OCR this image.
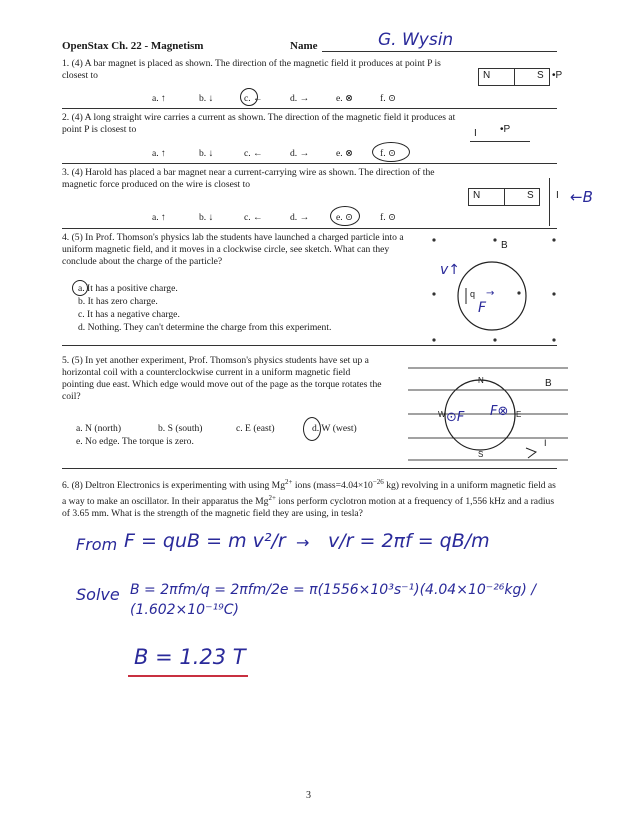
OpenStax Ch. 22 - Magnetism	Name	G. Wysin
1. (4) A bar magnet is placed as shown. The direction of the magnetic field it produces at point P is closest to
a. ↑	b. ↓	c. ←	d. →	e. ⊗	f. ⊙
N	S •P
2. (4) A long straight wire carries a current as shown. The direction of the magnetic field it produces at point P is closest to
a. ↑	b. ↓	c. ←	d. →	e. ⊗	f. ⊙
I •P
3. (4) Harold has placed a bar magnet near a current-carrying wire as shown. The direction of the magnetic force produced on the wire is closest to
a. ↑	b. ↓	c. ←	d. →	e. ⊙	f. ⊙
N	S I ←B
4. (5) In Prof. Thomson's physics lab the students have launched a charged particle into a uniform magnetic field, and it moves in a clockwise circle, see sketch. What can they conclude about the charge of the particle?
a. It has a positive charge.
b. It has zero charge.
c. It has a negative charge.
d. Nothing. They can't determine the charge from this experiment.
B
q →
v↑
F
5. (5) In yet another experiment, Prof. Thomson's physics students have set up a horizontal coil with a counterclockwise current in a uniform magnetic field pointing due east. Which edge would move out of the page as the torque rotates the coil?
a. N (north)	b. S (south)	c. E (east)	d. W (west)
e. No edge. The torque is zero.
N
S
E
W
B
I
⊙F F⊗
6. (8) Deltron Electronics is experimenting with using $Mg^{2+}$ ions ($mass=4.04\times 10^{-26}$ kg) revolving in a uniform magnetic field as a way to make an oscillator. In their apparatus the $Mg^{2+}$ ions perform cyclotron motion at a frequency of 1,556 kHz and a radius of 3.65 mm. What is the strength of the magnetic field they are using, in tesla?
From F = quB = m v²/r → v/r = 2πf = qB/m
Solve B = 2πfm/q = 2πfm/2e = π(1556×10³s⁻¹)(4.04×10⁻²⁶kg) / (1.602×10⁻¹⁹C)
B = 1.23 T
3
